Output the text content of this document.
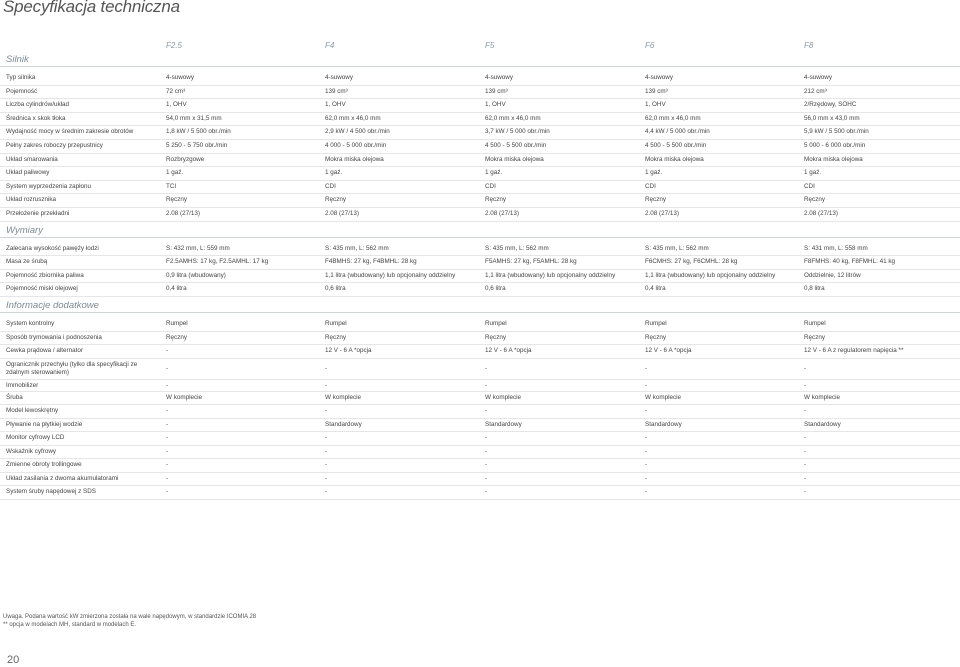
Specyfikacja techniczna
F2.5	F4	F5	F6	F8
Silnik
Typ silnika	4-suwowy	4-suwowy	4-suwowy	4-suwowy	4-suwowy
Pojemność	72 cm³	139 cm³	139 cm³	139 cm³	212 cm³
Liczba cylindrów/układ	1, OHV	1, OHV	1, OHV	1, OHV	2/Rzędowy, SOHC
Średnica x skok tłoka	54,0 mm x 31,5 mm	62,0 mm x 46,0 mm	62,0 mm x 46,0 mm	62,0 mm x 46,0 mm	56,0 mm x 43,0 mm
Wydajność mocy w średnim zakresie obrotów	1,8 kW / 5 500 obr./min	2,9 kW / 4 500 obr./min	3,7 kW / 5 000 obr./min	4,4 kW / 5 000 obr./min	5,9 kW / 5 500 obr./min
Pełny zakres roboczy przepustnicy	5 250 - 5 750 obr./min	4 000 - 5 000 obr./min	4 500 - 5 500 obr./min	4 500 - 5 500 obr./min	5 000 - 6 000 obr./min
Układ smarowania	Rozbryzgowe	Mokra miska olejowa	Mokra miska olejowa	Mokra miska olejowa	Mokra miska olejowa
Układ paliwowy	1 gaź.	1 gaź.	1 gaź.	1 gaź.	1 gaź.
System wyprzedzenia zapłonu	TCI	CDI	CDI	CDI	CDI
Układ rozrusznika	Ręczny	Ręczny	Ręczny	Ręczny	Ręczny
Przełożenie przekładni	2.08 (27/13)	2.08 (27/13)	2.08 (27/13)	2.08 (27/13)	2.08 (27/13)
Wymiary
Zalecana wysokość pawęży łodzi	S: 432 mm, L: 559 mm	S: 435 mm, L: 562 mm	S: 435 mm, L: 562 mm	S: 435 mm, L: 562 mm	S: 431 mm, L: 558 mm
Masa ze śrubą	F2.5AMHS: 17 kg, F2.5AMHL: 17 kg	F4BMHS: 27 kg, F4BMHL: 28 kg	F5AMHS: 27 kg, F5AMHL: 28 kg	F6CMHS: 27 kg, F6CMHL: 28 kg	F8FMHS: 40 kg, F8FMHL: 41 kg
Pojemność zbiornika paliwa	0,9 litra (wbudowany)	1,1 litra (wbudowany) lub opcjonalny oddzielny	1,1 litra (wbudowany) lub opcjonalny oddzielny	1,1 litra (wbudowany) lub opcjonalny oddzielny	Oddzielnie, 12 litrów
Pojemność miski olejowej	0,4 litra	0,6 litra	0,6 litra	0,4 litra	0,8 litra
Informacje dodatkowe
System kontrolny	Rumpel	Rumpel	Rumpel	Rumpel	Rumpel
Sposób trymowania i podnoszenia	Ręczny	Ręczny	Ręczny	Ręczny	Ręczny
Cewka prądowa / alternator	-	12 V - 6 A *opcja	12 V - 6 A *opcja	12 V - 6 A *opcja	12 V - 6 A z regulatorem napięcia **
Ogranicznik przechyłu (tylko dla specyfikacji ze zdalnym sterowaniem)
-	-	-	-	-
Immobilizer	-	-	-	-	-
Śruba	W komplecie	W komplecie	W komplecie	W komplecie	W komplecie
Model lewoskrętny	-	-	-	-	-
Pływanie na płytkiej wodzie	-	Standardowy	Standardowy	Standardowy	Standardowy
Monitor cyfrowy LCD	-	-	-	-	-
Wskaźnik cyfrowy	-	-	-	-	-
Zmienne obroty trollingowe	-	-	-	-	-
Układ zasilania z dwoma akumulatorami	-	-	-	-	-
System śruby napędowej z SDS	-	-	-	-	-
Uwaga. Podana wartość kW zmierzona została na wale napędowym, w standardzie ICOMIA 28
** opcja w modelach MH, standard w modelach E.
20
